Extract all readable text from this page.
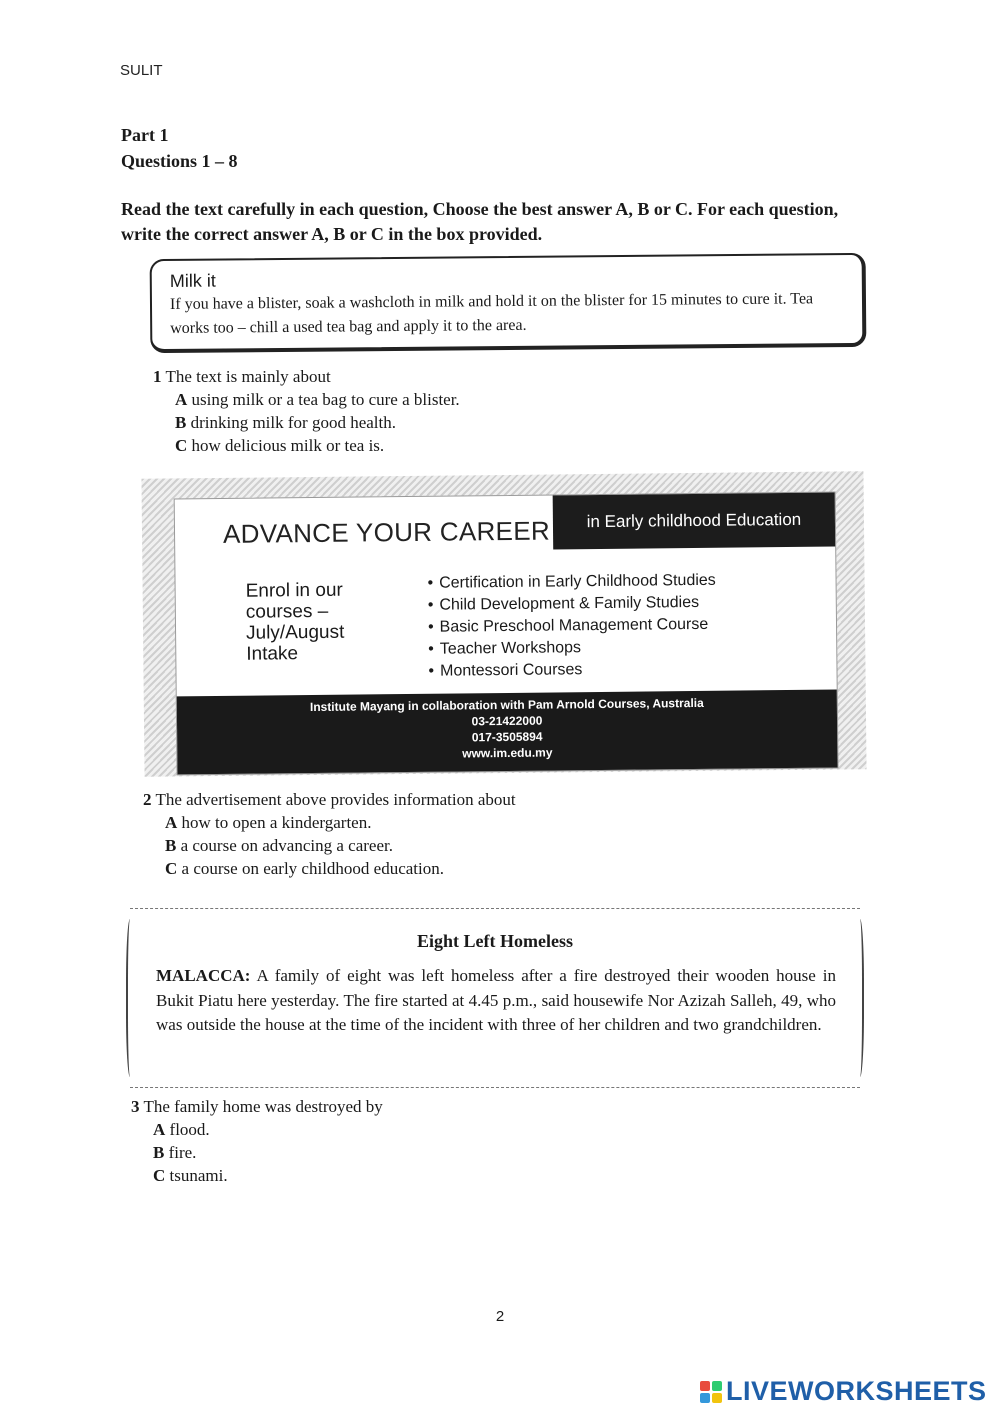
SULIT
Part 1
Questions 1 – 8
Read the text carefully in each question, Choose the best answer A, B or C. For each question, write the correct answer A, B or C in the box provided.
Milk it
If you have a blister, soak a washcloth in milk and hold it on the blister for 15 minutes to cure it. Tea works too – chill a used tea bag and apply it to the area.
1 The text is mainly about
A using milk or a tea bag to cure a blister.
B drinking milk for good health.
C how delicious milk or tea is.
ADVANCE YOUR CAREER	in Early childhood Education
Enrol in our courses – July/August Intake
• Certification in Early Childhood Studies
• Child Development & Family Studies
• Basic Preschool Management Course
• Teacher Workshops
• Montessori Courses
Institute Mayang in collaboration with Pam Arnold Courses, Australia
03-21422000
017-3505894
www.im.edu.my
2 The advertisement above provides information about
A how to open a kindergarten.
B a course on advancing a career.
C a course on early childhood education.
Eight Left Homeless
MALACCA: A family of eight was left homeless after a fire destroyed their wooden house in Bukit Piatu here yesterday. The fire started at 4.45 p.m., said housewife Nor Azizah Salleh, 49, who was outside the house at the time of the incident with three of her children and two grandchildren.
3 The family home was destroyed by
A flood.
B fire.
C tsunami.
2
LIVEWORKSHEETS
